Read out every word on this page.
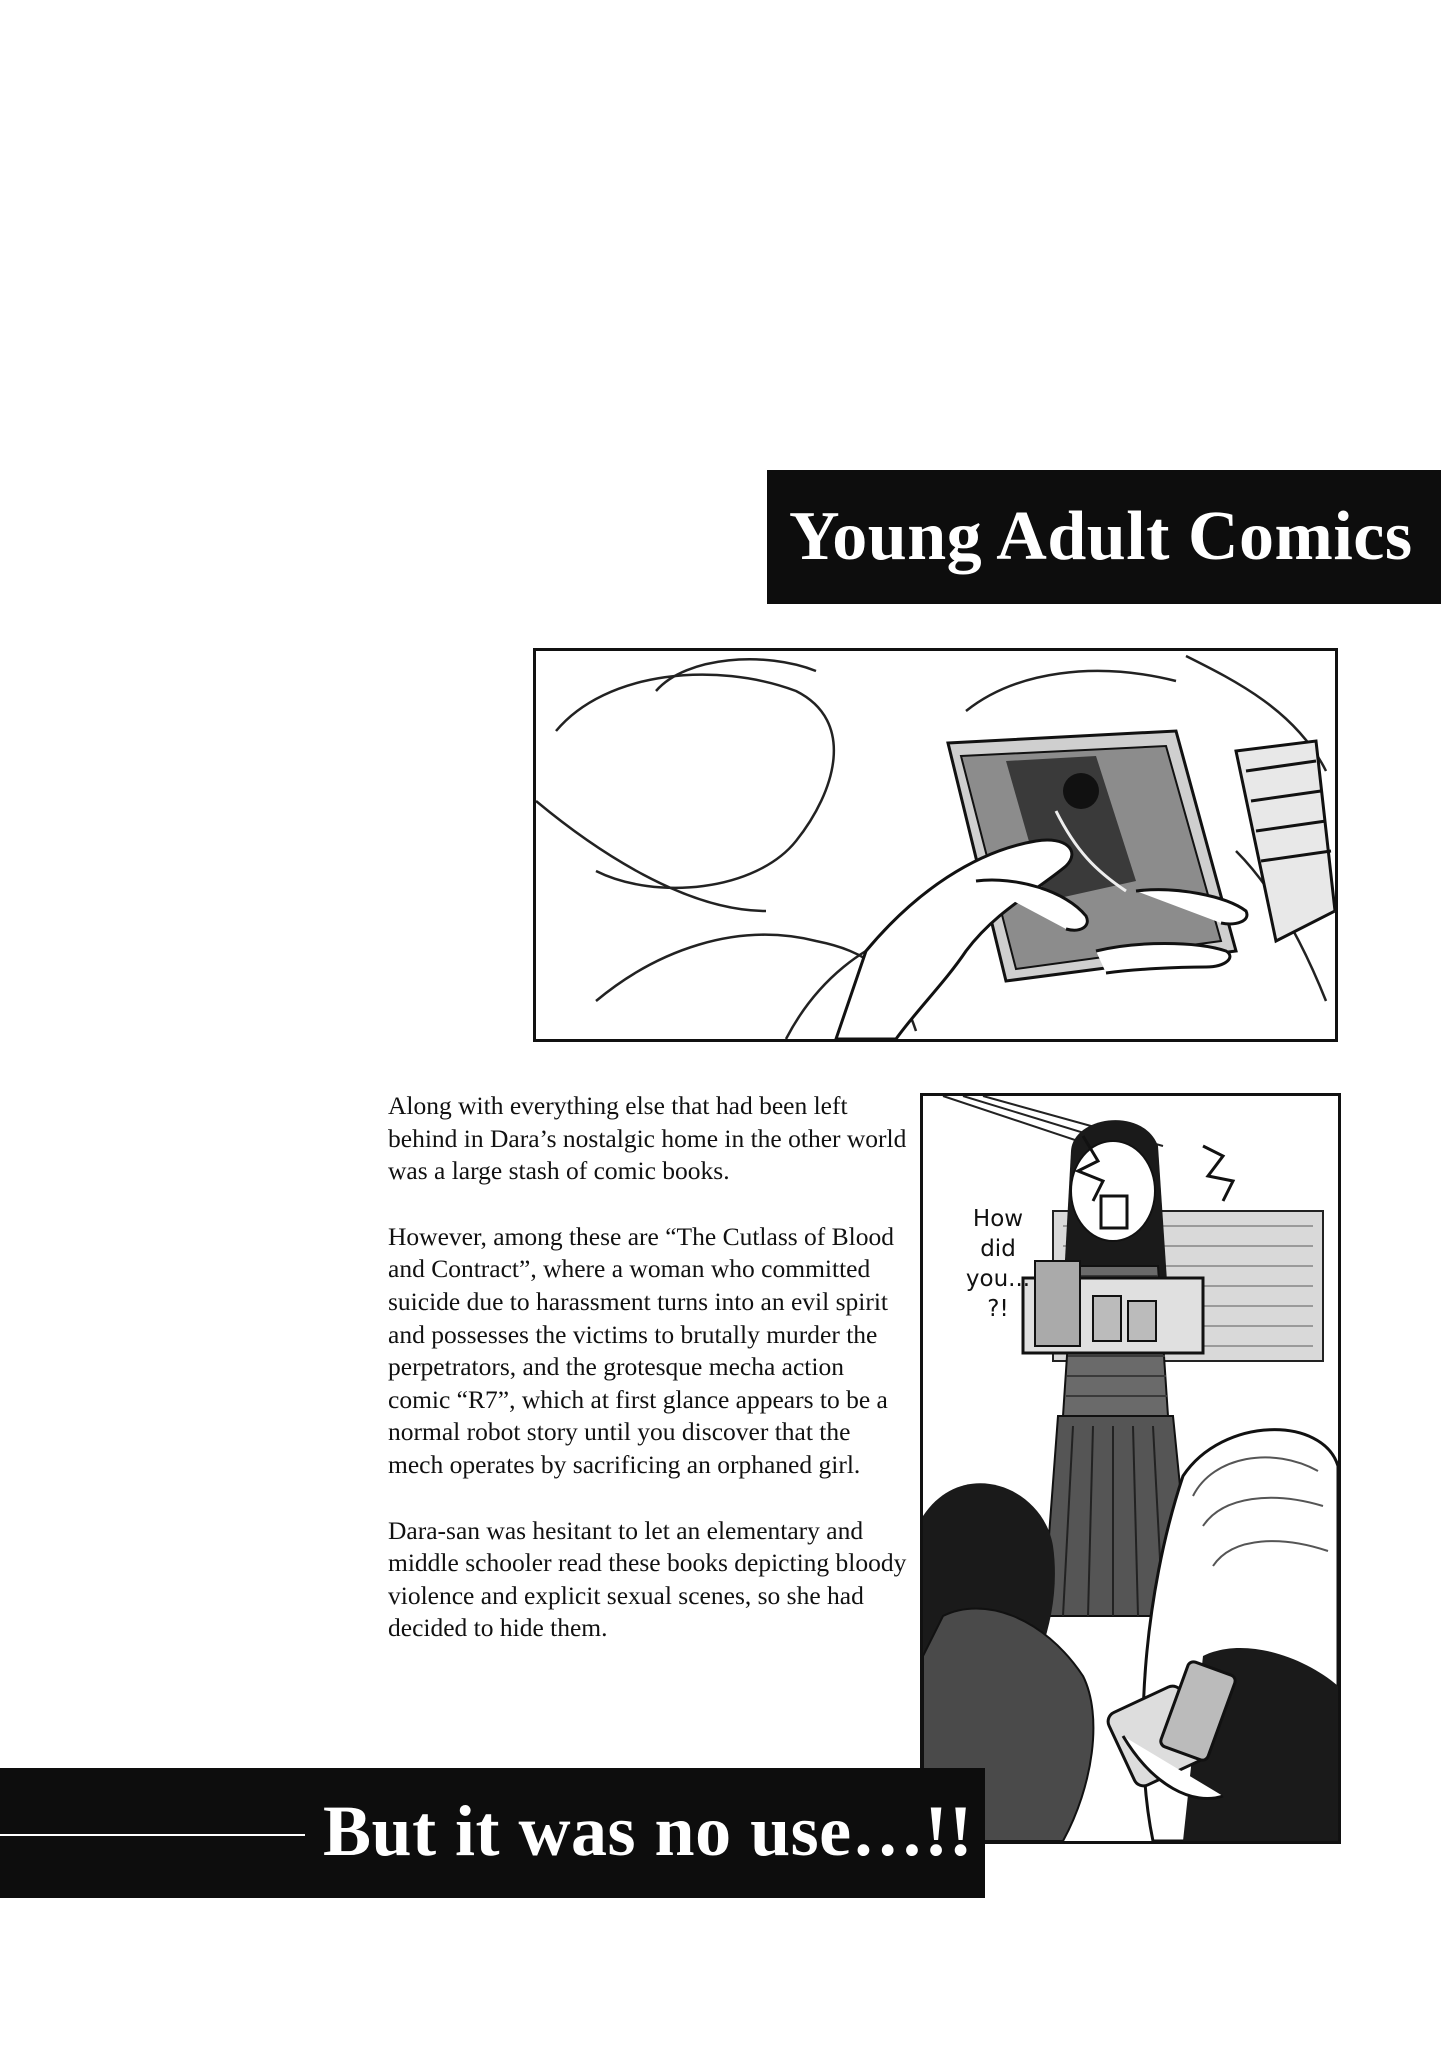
Young Adult Comics

Along with everything else that had been left behind in Dara’s nostalgic home in the other world was a large stash of comic books.

However, among these are “The Cutlass of Blood and Contract”, where a woman who committed suicide due to harassment turns into an evil spirit and possesses the victims to brutally murder the perpetrators, and the grotesque mecha action comic “R7”, which at first glance appears to be a normal robot story until you discover that the mech operates by sacrificing an orphaned girl.

Dara-san was hesitant to let an elementary and middle schooler read these books depicting bloody violence and explicit sexual scenes, so she had decided to hide them.

How
did
you...
?!
But it was no use…!!
